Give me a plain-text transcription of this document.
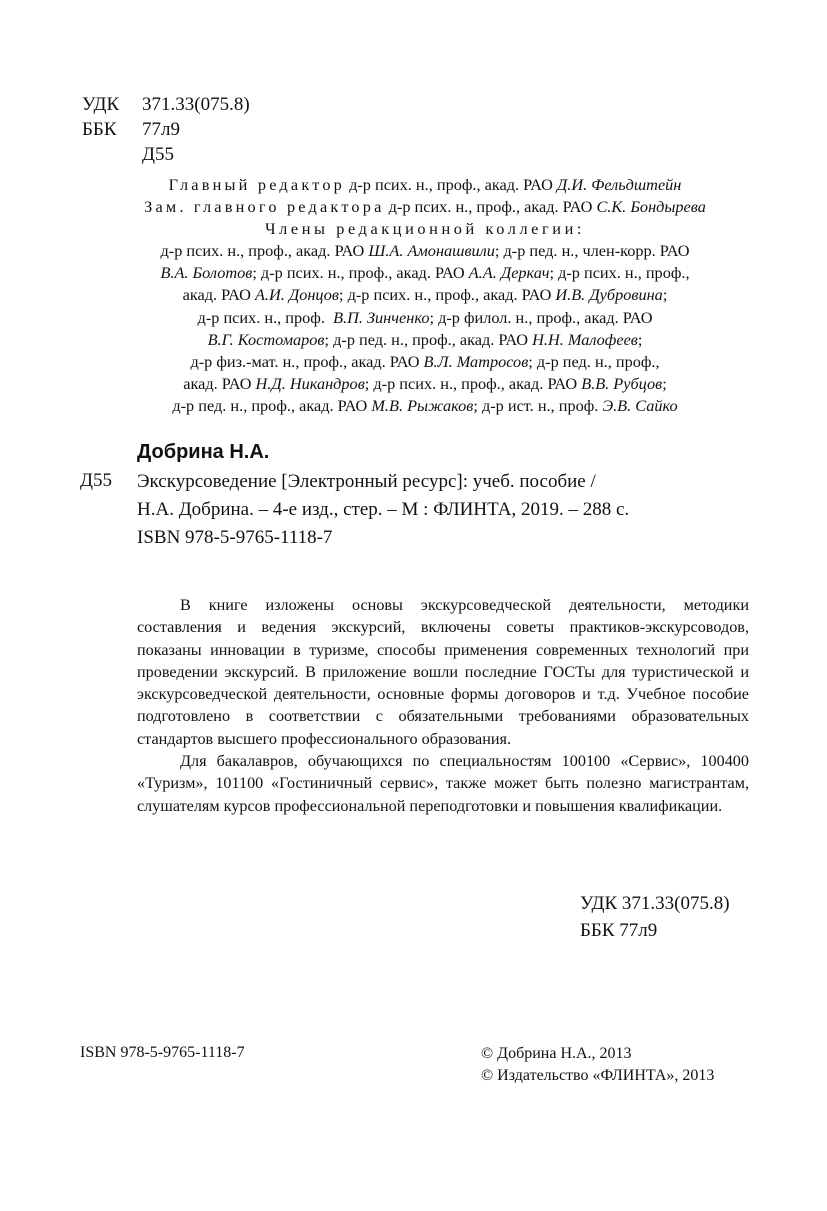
УДК	371.33(075.8)
ББК	77л9
Д55
Главный редактор д-р псих. н., проф., акад. РАО Д.И. Фельдштейн
Зам. главного редактора д-р псих. н., проф., акад. РАО С.К. Бондырева
Члены редакционной коллегии:
д-р псих. н., проф., акад. РАО Ш.А. Амонашвили; д-р пед. н., член-корр. РАО
В.А. Болотов; д-р псих. н., проф., акад. РАО А.А. Деркач; д-р псих. н., проф.,
акад. РАО А.И. Донцов; д-р псих. н., проф., акад. РАО И.В. Дубровина;
д-р псих. н., проф.  В.П. Зинченко; д-р филол. н., проф., акад. РАО
В.Г. Костомаров; д-р пед. н., проф., акад. РАО Н.Н. Малофеев;
д-р физ.-мат. н., проф., акад. РАО В.Л. Матросов; д-р пед. н., проф.,
акад. РАО Н.Д. Никандров; д-р псих. н., проф., акад. РАО В.В. Рубцов;
д-р пед. н., проф., акад. РАО М.В. Рыжаков; д-р ист. н., проф. Э.В. Сайко
Добрина Н.А.
Д55 Экскурсоведение [Электронный ресурс]: учеб. пособие /
Н.А. Добрина. – 4-е изд., стер. – М : ФЛИНТА, 2019. – 288 с.
ISBN 978-5-9765-1118-7

В книге изложены основы экскурсоведческой деятельности, методики составления и ведения экскурсий, включены советы практиков-экскурсоводов, показаны инновации в туризме, способы применения современных технологий при проведении экскурсий. В приложение вошли последние ГОСТы для туристической и экскурсоведческой деятельности, основные формы договоров и т.д. Учебное пособие подготовлено в соответствии с обязательными требованиями образовательных стандартов высшего профессионального образования.

Для бакалавров, обучающихся по специальностям 100100 «Сервис», 100400 «Туризм», 101100 «Гостиничный сервис», также может быть полезно магистрантам, слушателям курсов профессиональной переподготовки и повышения квалификации.

УДК 371.33(075.8)
ББК 77л9
ISBN 978-5-9765-1118-7	© Добрина Н.А., 2013
© Издательство «ФЛИНТА», 2013
